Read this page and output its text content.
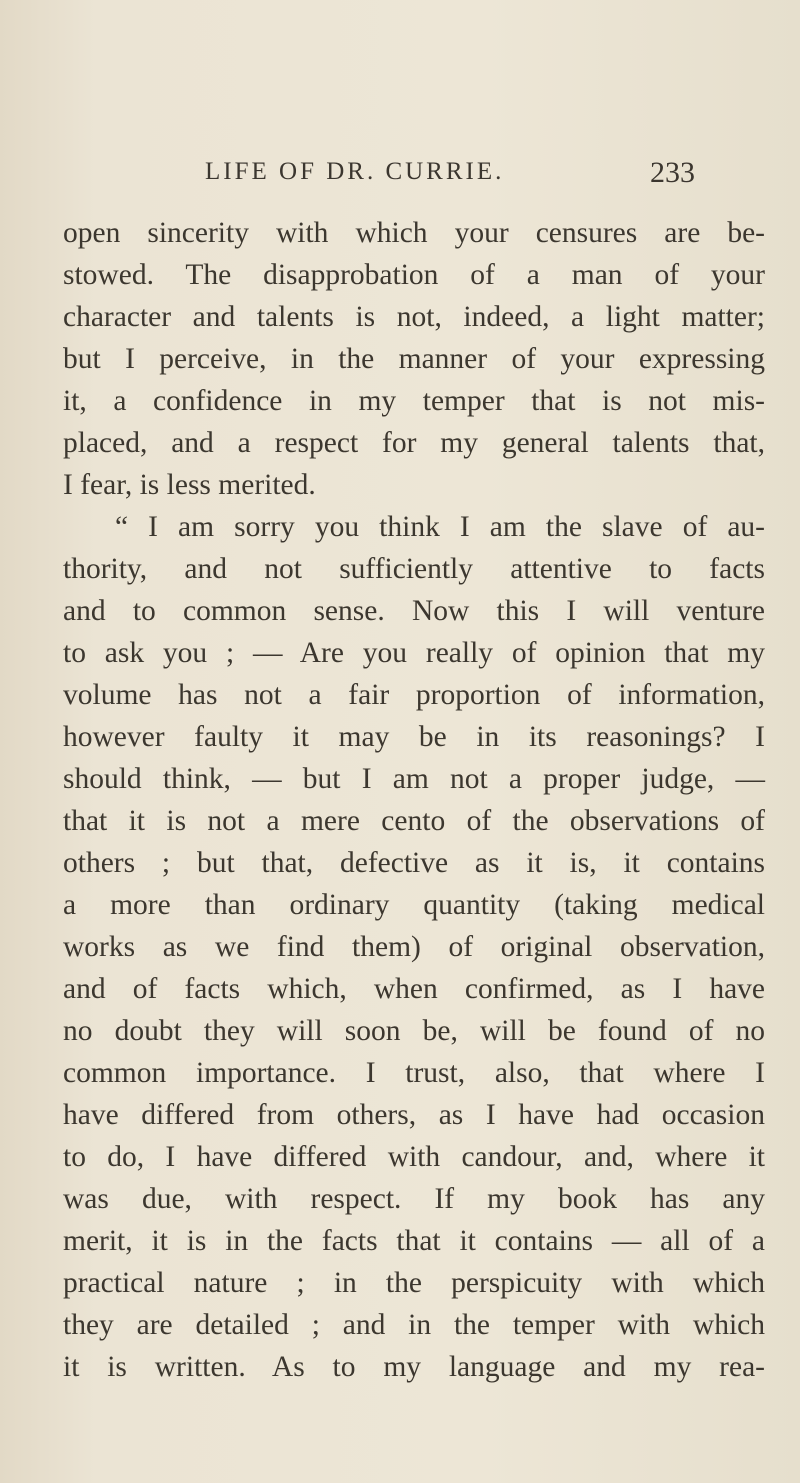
LIFE OF DR. CURRIE.	233
open sincerity with which your censures are be-
stowed. The disapprobation of a man of your
character and talents is not, indeed, a light matter;
but I perceive, in the manner of your expressing
it, a confidence in my temper that is not mis-
placed, and a respect for my general talents that,
I fear, is less merited.
“ I am sorry you think I am the slave of au-
thority, and not sufficiently attentive to facts
and to common sense. Now this I will venture
to ask you ; — Are you really of opinion that my
volume has not a fair proportion of information,
however faulty it may be in its reasonings? I
should think, — but I am not a proper judge, —
that it is not a mere cento of the observations of
others ; but that, defective as it is, it contains
a more than ordinary quantity (taking medical
works as we find them) of original observation,
and of facts which, when confirmed, as I have
no doubt they will soon be, will be found of no
common importance. I trust, also, that where I
have differed from others, as I have had occasion
to do, I have differed with candour, and, where it
was due, with respect. If my book has any
merit, it is in the facts that it contains — all of a
practical nature ; in the perspicuity with which
they are detailed ; and in the temper with which
it is written. As to my language and my rea-
